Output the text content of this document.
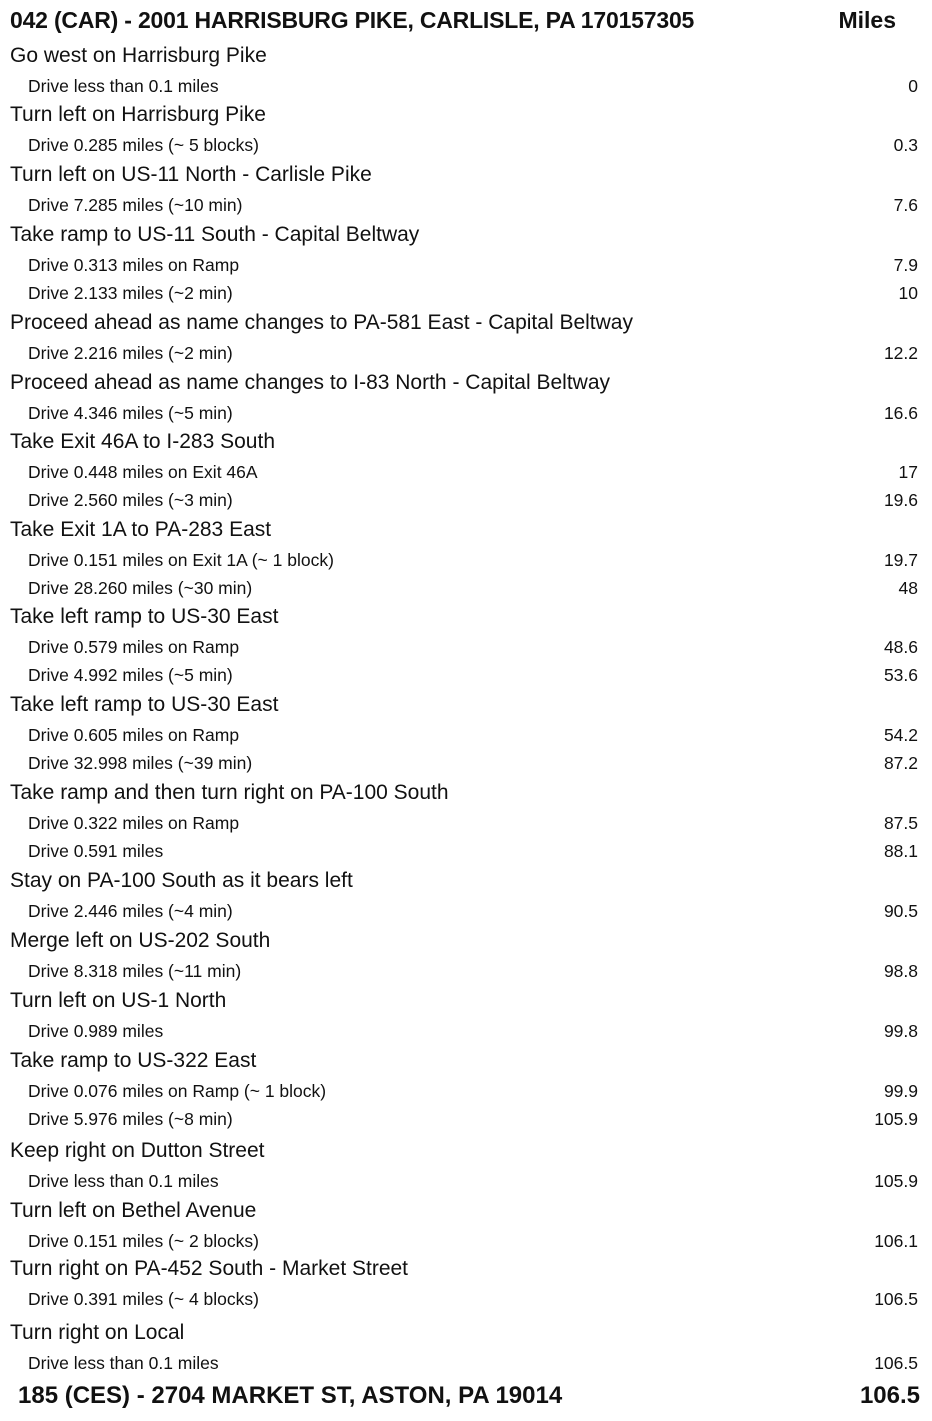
042 (CAR) - 2001 HARRISBURG PIKE, CARLISLE, PA 170157305	Miles
Go west on Harrisburg Pike
Drive less than 0.1 miles	0
Turn left on Harrisburg Pike
Drive 0.285 miles (~ 5 blocks)	0.3
Turn left on US-11 North - Carlisle Pike
Drive 7.285 miles (~10 min)	7.6
Take ramp to US-11 South - Capital Beltway
Drive 0.313 miles on Ramp	7.9
Drive 2.133 miles (~2 min)	10
Proceed ahead as name changes to PA-581 East - Capital Beltway
Drive 2.216 miles (~2 min)	12.2
Proceed ahead as name changes to I-83 North - Capital Beltway
Drive 4.346 miles (~5 min)	16.6
Take Exit 46A to I-283 South
Drive 0.448 miles on Exit 46A	17
Drive 2.560 miles (~3 min)	19.6
Take Exit 1A to PA-283 East
Drive 0.151 miles on Exit 1A (~ 1 block)	19.7
Drive 28.260 miles (~30 min)	48
Take left ramp to US-30 East
Drive 0.579 miles on Ramp	48.6
Drive 4.992 miles (~5 min)	53.6
Take left ramp to US-30 East
Drive 0.605 miles on Ramp	54.2
Drive 32.998 miles (~39 min)	87.2
Take ramp and then turn right on PA-100 South
Drive 0.322 miles on Ramp	87.5
Drive 0.591 miles	88.1
Stay on PA-100 South as it bears left
Drive 2.446 miles (~4 min)	90.5
Merge left on US-202 South
Drive 8.318 miles (~11 min)	98.8
Turn left on US-1 North
Drive 0.989 miles	99.8
Take ramp to US-322 East
Drive 0.076 miles on Ramp (~ 1 block)	99.9
Drive 5.976 miles (~8 min)	105.9
Keep right on Dutton Street
Drive less than 0.1 miles	105.9
Turn left on Bethel Avenue
Drive 0.151 miles (~ 2 blocks)	106.1
Turn right on PA-452 South - Market Street
Drive 0.391 miles (~ 4 blocks)	106.5
Turn right on Local
Drive less than 0.1 miles	106.5
185 (CES) - 2704 MARKET ST, ASTON, PA 19014	106.5
